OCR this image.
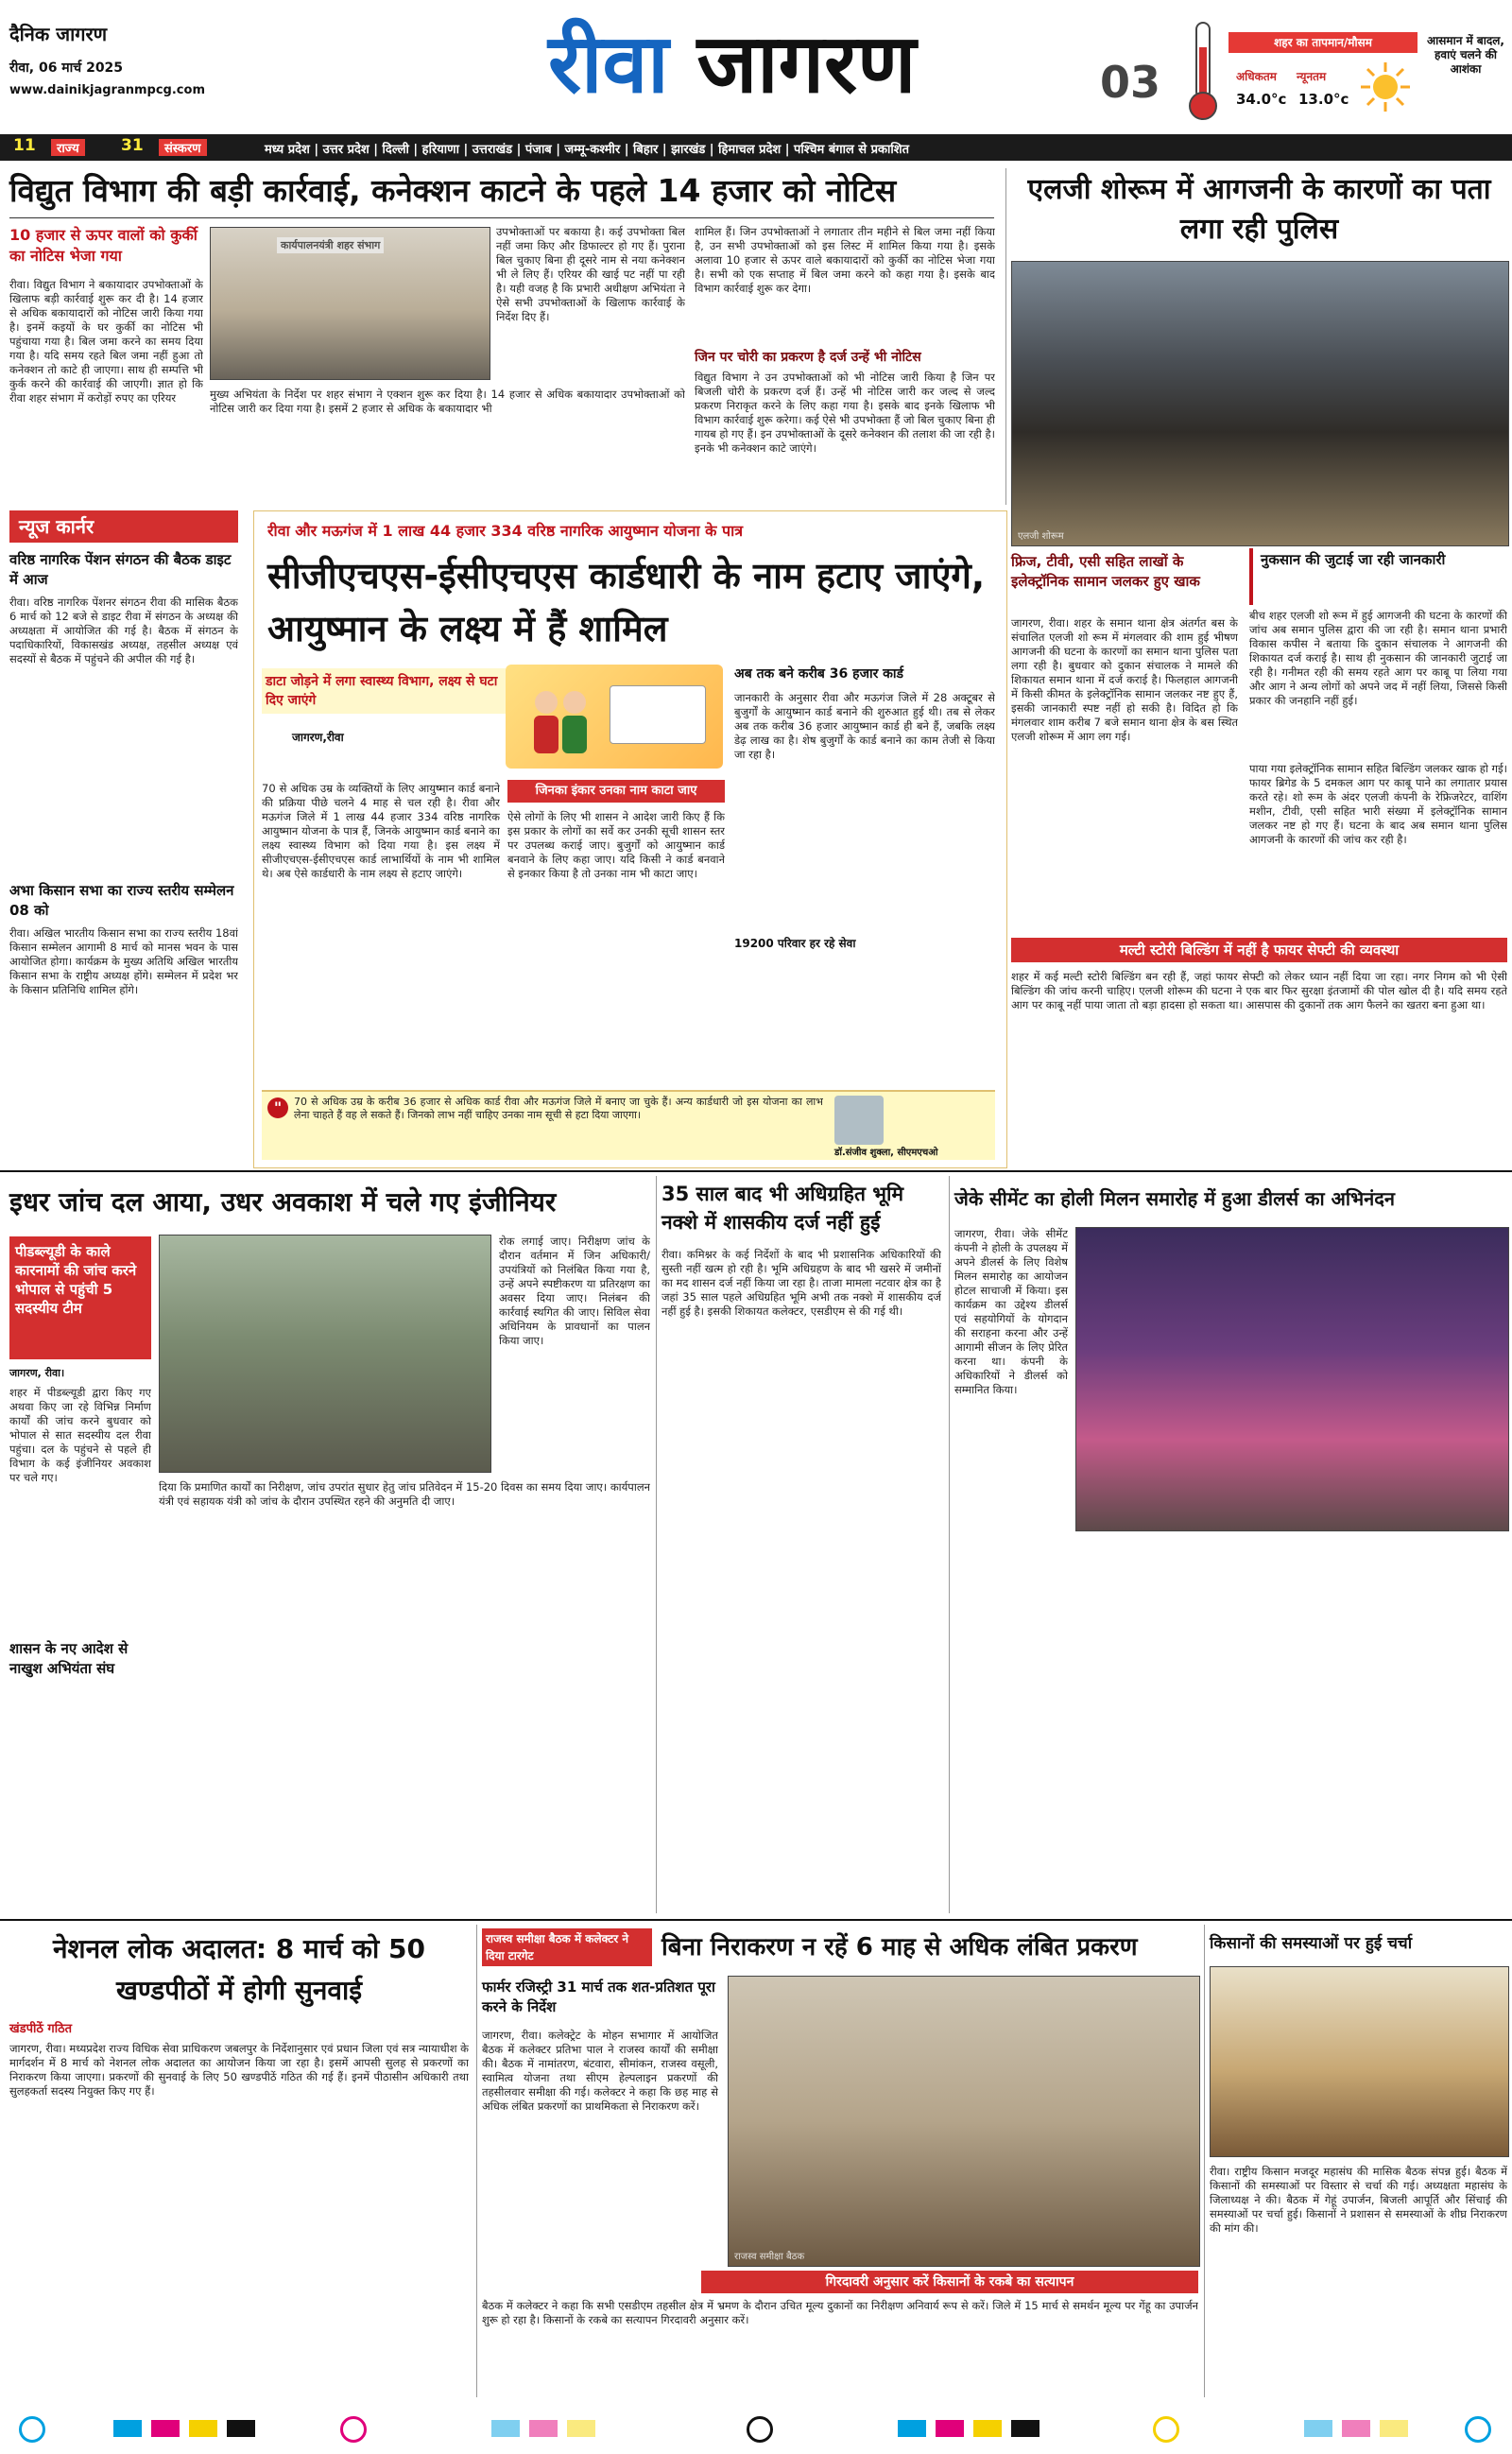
दैनिक जागरण
रीवा, 06 मार्च 2025
www.dainikjagranmpcg.com	रीवा जागरण	03
शहर का तापमान/मौसम
अधिकतम न्यूनतम
34.0°c 13.0°c
आसमान में बादल, हवाएं चलने की आशंका
11	राज्य	31	संस्करण	मध्य प्रदेश | उत्तर प्रदेश | दिल्ली | हरियाणा | उत्तराखंड | पंजाब | जम्मू-कश्मीर | बिहार | झारखंड | हिमाचल प्रदेश | पश्चिम बंगाल से प्रकाशित
विद्युत विभाग की बड़ी कार्रवाई, कनेक्शन काटने के पहले 14 हजार को नोटिस
10 हजार से ऊपर वालों को कुर्की का नोटिस भेजा गया
रीवा। विद्युत विभाग ने बकायादार उपभोक्ताओं के खिलाफ बड़ी कार्रवाई शुरू कर दी है। 14 हजार से अधिक बकायादारों को नोटिस जारी किया गया है। इनमें कइयों के घर कुर्की का नोटिस भी पहुंचाया गया है। बिल जमा करने का समय दिया गया है। यदि समय रहते बिल जमा नहीं हुआ तो कनेक्शन तो काटे ही जाएगा। साथ ही सम्पत्ति भी कुर्क करने की कार्रवाई की जाएगी। ज्ञात हो कि रीवा शहर संभाग में करोड़ों रुपए का एरियर
कार्यपालनयंत्री शहर संभाग
उपभोक्ताओं पर बकाया है। कई उपभोक्ता बिल नहीं जमा किए और डिफाल्टर हो गए हैं। पुराना बिल चुकाए बिना ही दूसरे नाम से नया कनेक्शन भी ले लिए हैं। एरियर की खाई पट नहीं पा रही है। यही वजह है कि प्रभारी अधीक्षण अभियंता ने ऐसे सभी उपभोक्ताओं के खिलाफ कार्रवाई के निर्देश दिए हैं।
मुख्य अभियंता के निर्देश पर शहर संभाग ने एक्शन शुरू कर दिया है। 14 हजार से अधिक बकायादार उपभोक्ताओं को नोटिस जारी कर दिया गया है। इसमें 2 हजार से अधिक के बकायादार भी
शामिल हैं। जिन उपभोक्ताओं ने लगातार तीन महीने से बिल जमा नहीं किया है, उन सभी उपभोक्ताओं को इस लिस्ट में शामिल किया गया है। इसके अलावा 10 हजार से ऊपर वाले बकायादारों को कुर्की का नोटिस भेजा गया है। सभी को एक सप्ताह में बिल जमा करने को कहा गया है। इसके बाद विभाग कार्रवाई शुरू कर देगा।
जिन पर चोरी का प्रकरण है दर्ज उन्हें भी नोटिस
विद्युत विभाग ने उन उपभोक्ताओं को भी नोटिस जारी किया है जिन पर बिजली चोरी के प्रकरण दर्ज हैं। उन्हें भी नोटिस जारी कर जल्द से जल्द प्रकरण निराकृत करने के लिए कहा गया है। इसके बाद इनके खिलाफ भी विभाग कार्रवाई शुरू करेगा। कई ऐसे भी उपभोक्ता हैं जो बिल चुकाए बिना ही गायब हो गए हैं। इन उपभोक्ताओं के दूसरे कनेक्शन की तलाश की जा रही है। इनके भी कनेक्शन काटे जाएंगे।
एलजी शोरूम में आगजनी के कारणों का पता लगा रही पुलिस
एलजी शोरूम
फ्रिज, टीवी, एसी सहित लाखों के इलेक्ट्रॉनिक सामान जलकर हुए खाक
नुकसान की जुटाई जा रही जानकारी
जागरण, रीवा। शहर के समान थाना क्षेत्र अंतर्गत बस के संचालित एलजी शो रूम में मंगलवार की शाम हुई भीषण आगजनी की घटना के कारणों का समान थाना पुलिस पता लगा रही है। बुधवार को दुकान संचालक ने मामले की शिकायत समान थाना में दर्ज कराई है। फिलहाल आगजनी में किसी कीमत के इलेक्ट्रॉनिक सामान जलकर नष्ट हुए हैं, इसकी जानकारी स्पष्ट नहीं हो सकी है। विदित हो कि मंगलवार शाम करीब 7 बजे समान थाना क्षेत्र के बस स्थित एलजी शोरूम में आग लग गई।
बीच शहर एलजी शो रूम में हुई आगजनी की घटना के कारणों की जांच अब समान पुलिस द्वारा की जा रही है। समान थाना प्रभारी विकास कपीस ने बताया कि दुकान संचालक ने आगजनी की शिकायत दर्ज कराई है। साथ ही नुकसान की जानकारी जुटाई जा रही है। गनीमत रही की समय रहते आग पर काबू पा लिया गया और आग ने अन्य लोगों को अपने जद में नहीं लिया, जिससे किसी प्रकार की जनहानि नहीं हुई।
पाया गया इलेक्ट्रॉनिक सामान सहित बिल्डिंग जलकर खाक हो गई। फायर ब्रिगेड के 5 दमकल आग पर काबू पाने का लगातार प्रयास करते रहे। शो रूम के अंदर एलजी कंपनी के रेफ्रिजरेटर, वाशिंग मशीन, टीवी, एसी सहित भारी संख्या में इलेक्ट्रॉनिक सामान जलकर नष्ट हो गए हैं। घटना के बाद अब समान थाना पुलिस आगजनी के कारणों की जांच कर रही है।
मल्टी स्टोरी बिल्डिंग में नहीं है फायर सेफ्टी की व्यवस्था
शहर में कई मल्टी स्टोरी बिल्डिंग बन रही हैं, जहां फायर सेफ्टी को लेकर ध्यान नहीं दिया जा रहा। नगर निगम को भी ऐसी बिल्डिंग की जांच करनी चाहिए। एलजी शोरूम की घटना ने एक बार फिर सुरक्षा इंतजामों की पोल खोल दी है। यदि समय रहते आग पर काबू नहीं पाया जाता तो बड़ा हादसा हो सकता था। आसपास की दुकानों तक आग फैलने का खतरा बना हुआ था।
न्यूज कार्नर
वरिष्ठ नागरिक पेंशन संगठन की बैठक डाइट में आज
रीवा। वरिष्ठ नागरिक पेंशनर संगठन रीवा की मासिक बैठक 6 मार्च को 12 बजे से डाइट रीवा में संगठन के अध्यक्ष की अध्यक्षता में आयोजित की गई है। बैठक में संगठन के पदाधिकारियों, विकासखंड अध्यक्ष, तहसील अध्यक्ष एवं सदस्यों से बैठक में पहुंचने की अपील की गई है।
अभा किसान सभा का राज्य स्तरीय सम्मेलन 08 को
रीवा। अखिल भारतीय किसान सभा का राज्य स्तरीय 18वां किसान सम्मेलन आगामी 8 मार्च को मानस भवन के पास आयोजित होगा। कार्यक्रम के मुख्य अतिथि अखिल भारतीय किसान सभा के राष्ट्रीय अध्यक्ष होंगे। सम्मेलन में प्रदेश भर के किसान प्रतिनिधि शामिल होंगे।
रीवा और मऊगंज में 1 लाख 44 हजार 334 वरिष्ठ नागरिक आयुष्मान योजना के पात्र
सीजीएचएस-ईसीएचएस कार्डधारी के नाम हटाए जाएंगे, आयुष्मान के लक्ष्य में हैं शामिल
डाटा जोड़ने में लगा स्वास्थ्य विभाग, लक्ष्य से घटा दिए जाएंगे
जागरण,रीवा
70 से अधिक उम्र के व्यक्तियों के लिए आयुष्मान कार्ड बनाने की प्रक्रिया पीछे चलने 4 माह से चल रही है। रीवा और मऊगंज जिले में 1 लाख 44 हजार 334 वरिष्ठ नागरिक आयुष्मान योजना के पात्र हैं, जिनके आयुष्मान कार्ड बनाने का लक्ष्य स्वास्थ्य विभाग को दिया गया है। इस लक्ष्य में सीजीएचएस-ईसीएचएस कार्ड लाभार्थियों के नाम भी शामिल थे। अब ऐसे कार्डधारी के नाम लक्ष्य से हटाए जाएंगे।
जिनका इंकार उनका नाम काटा जाए
ऐसे लोगों के लिए भी शासन ने आदेश जारी किए हैं कि इस प्रकार के लोगों का सर्वे कर उनकी सूची शासन स्तर पर उपलब्ध कराई जाए। बुजुर्गों को आयुष्मान कार्ड बनवाने के लिए कहा जाए। यदि किसी ने कार्ड बनवाने से इनकार किया है तो उनका नाम भी काटा जाए।
अब तक बने करीब 36 हजार कार्ड
जानकारी के अनुसार रीवा और मऊगंज जिले में 28 अक्टूबर से बुजुर्गों के आयुष्मान कार्ड बनाने की शुरुआत हुई थी। तब से लेकर अब तक करीब 36 हजार आयुष्मान कार्ड ही बने हैं, जबकि लक्ष्य डेढ़ लाख का है। शेष बुजुर्गों के कार्ड बनाने का काम तेजी से किया जा रहा है।
19200 परिवार हर रहे सेवा
"	70 से अधिक उम्र के करीब 36 हजार से अधिक कार्ड रीवा और मऊगंज जिले में बनाए जा चुके हैं। अन्य कार्डधारी जो इस योजना का लाभ लेना चाहते हैं वह ले सकते हैं। जिनको लाभ नहीं चाहिए उनका नाम सूची से हटा दिया जाएगा।
डॉ.संजीव शुक्ला, सीएमएचओ
इधर जांच दल आया, उधर अवकाश में चले गए इंजीनियर
पीडब्ल्यूडी के काले कारनामों की जांच करने भोपाल से पहुंची 5 सदस्यीय टीम
जागरण, रीवा।
शहर में पीडब्ल्यूडी द्वारा किए गए अथवा किए जा रहे विभिन्न निर्माण कार्यों की जांच करने बुधवार को भोपाल से सात सदस्यीय दल रीवा पहुंचा। दल के पहुंचने से पहले ही विभाग के कई इंजीनियर अवकाश पर चले गए।
रोक लगाई जाए। निरीक्षण जांच के दौरान वर्तमान में जिन अधिकारी/उपयंत्रियों को निलंबित किया गया है, उन्हें अपने स्पष्टीकरण या प्रतिरक्षण का अवसर दिया जाए। निलंबन की कार्रवाई स्थगित की जाए। सिविल सेवा अधिनियम के प्रावधानों का पालन किया जाए।
शासन के नए आदेश से नाखुश अभियंता संघ
दिया कि प्रमाणित कार्यों का निरीक्षण, जांच उपरांत सुधार हेतु जांच प्रतिवेदन में 15-20 दिवस का समय दिया जाए। कार्यपालन यंत्री एवं सहायक यंत्री को जांच के दौरान उपस्थित रहने की अनुमति दी जाए।
35 साल बाद भी अधिग्रहित भूमि नक्शे में शासकीय दर्ज नहीं हुई
रीवा। कमिश्नर के कई निर्देशों के बाद भी प्रशासनिक अधिकारियों की सुस्ती नहीं खत्म हो रही है। भूमि अधिग्रहण के बाद भी खसरे में जमीनों का मद शासन दर्ज नहीं किया जा रहा है। ताजा मामला नटवार क्षेत्र का है जहां 35 साल पहले अधिग्रहित भूमि अभी तक नक्शे में शासकीय दर्ज नहीं हुई है। इसकी शिकायत कलेक्टर, एसडीएम से की गई थी।
जेके सीमेंट का होली मिलन समारोह में हुआ डीलर्स का अभिनंदन
जागरण, रीवा। जेके सीमेंट कंपनी ने होली के उपलक्ष्य में अपने डीलर्स के लिए विशेष मिलन समारोह का आयोजन होटल साचाजी में किया। इस कार्यक्रम का उद्देश्य डीलर्स एवं सहयोगियों के योगदान की सराहना करना और उन्हें आगामी सीजन के लिए प्रेरित करना था। कंपनी के अधिकारियों ने डीलर्स को सम्मानित किया।
नेशनल लोक अदालत: 8 मार्च को 50 खण्डपीठों में होगी सुनवाई
खंडपीठें गठित
जागरण, रीवा। मध्यप्रदेश राज्य विधिक सेवा प्राधिकरण जबलपुर के निर्देशानुसार एवं प्रधान जिला एवं सत्र न्यायाधीश के मार्गदर्शन में 8 मार्च को नेशनल लोक अदालत का आयोजन किया जा रहा है। इसमें आपसी सुलह से प्रकरणों का निराकरण किया जाएगा। प्रकरणों की सुनवाई के लिए 50 खण्डपीठें गठित की गई हैं। इनमें पीठासीन अधिकारी तथा सुलहकर्ता सदस्य नियुक्त किए गए हैं।
राजस्व समीक्षा बैठक में कलेक्टर ने दिया टारगेट	बिना निराकरण न रहें 6 माह से अधिक लंबित प्रकरण
फार्मर रजिस्ट्री 31 मार्च तक शत-प्रतिशत पूरा करने के निर्देश
जागरण, रीवा। कलेक्ट्रेट के मोहन सभागार में आयोजित बैठक में कलेक्टर प्रतिभा पाल ने राजस्व कार्यों की समीक्षा की। बैठक में नामांतरण, बंटवारा, सीमांकन, राजस्व वसूली, स्वामित्व योजना तथा सीएम हेल्पलाइन प्रकरणों की तहसीलवार समीक्षा की गई। कलेक्टर ने कहा कि छह माह से अधिक लंबित प्रकरणों का प्राथमिकता से निराकरण करें।
राजस्व समीक्षा बैठक
गिरदावरी अनुसार करें किसानों के रकबे का सत्यापन
बैठक में कलेक्टर ने कहा कि सभी एसडीएम तहसील क्षेत्र में भ्रमण के दौरान उचित मूल्य दुकानों का निरीक्षण अनिवार्य रूप से करें। जिले में 15 मार्च से समर्थन मूल्य पर गेंहू का उपार्जन शुरू हो रहा है। किसानों के रकबे का सत्यापन गिरदावरी अनुसार करें।
किसानों की समस्याओं पर हुई चर्चा
रीवा। राष्ट्रीय किसान मजदूर महासंघ की मासिक बैठक संपन्न हुई। बैठक में किसानों की समस्याओं पर विस्तार से चर्चा की गई। अध्यक्षता महासंघ के जिलाध्यक्ष ने की। बैठक में गेहूं उपार्जन, बिजली आपूर्ति और सिंचाई की समस्याओं पर चर्चा हुई। किसानों ने प्रशासन से समस्याओं के शीघ्र निराकरण की मांग की।
